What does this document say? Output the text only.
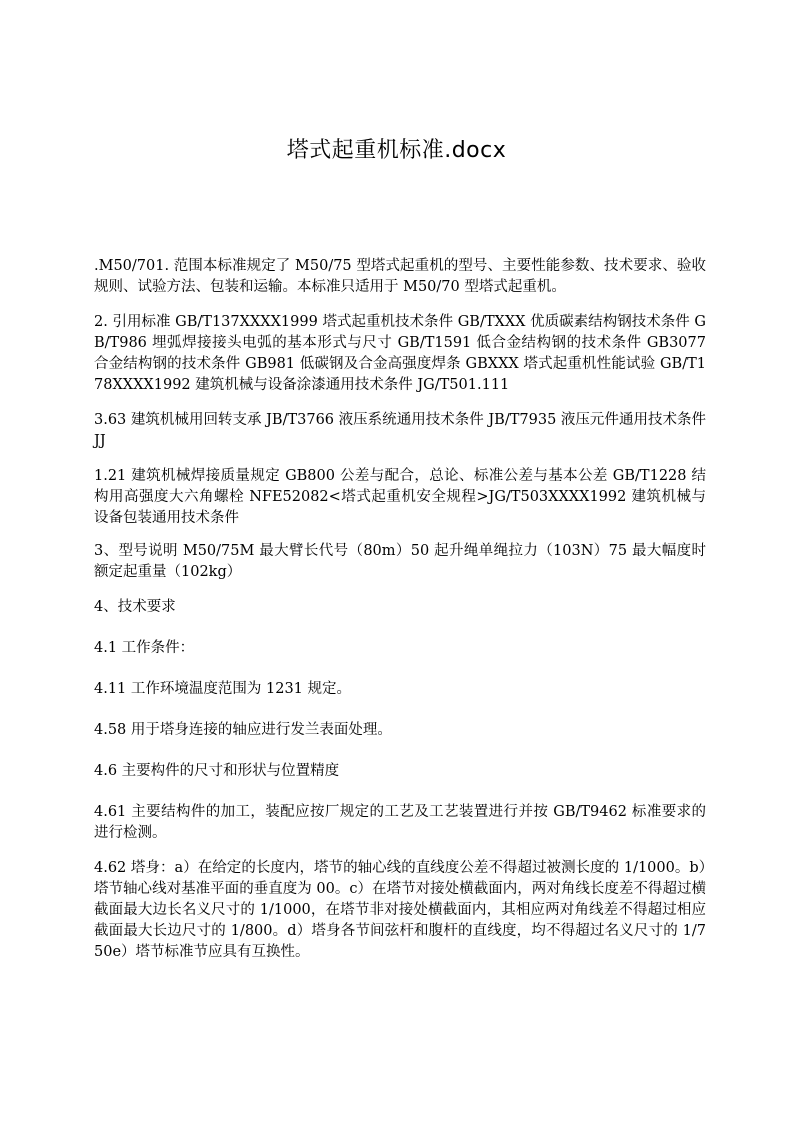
塔式起重机标准.docx

.M50/701. 范围本标准规定了 M50/75 型塔式起重机的型号、主要性能参数、技术要求、验收规则、试验方法、包装和运输。本标准只适用于 M50/70 型塔式起重机。

2. 引用标准 GB/T137XXXX1999 塔式起重机技术条件 GB/TXXX 优质碳素结构钢技术条件 GB/T986 埋弧焊接接头电弧的基本形式与尺寸 GB/T1591 低合金结构钢的技术条件 GB3077 合金结构钢的技术条件 GB981 低碳钢及合金高强度焊条 GBXXX 塔式起重机性能试验 GB/T178XXXX1992 建筑机械与设备涂漆通用技术条件 JG/T501.111

3.63 建筑机械用回转支承 JB/T3766 液压系统通用技术条件 JB/T7935 液压元件通用技术条件 JJ

1.21 建筑机械焊接质量规定 GB800 公差与配合，总论、标准公差与基本公差 GB/T1228 结构用高强度大六角螺栓 NFE52082<塔式起重机安全规程>JG/T503XXXX1992 建筑机械与设备包装通用技术条件

3、型号说明 M50/75M 最大臂长代号（80m）50 起升绳单绳拉力（103N）75 最大幅度时额定起重量（102kg）

4、技术要求

4.1 工作条件：

4.11 工作环境温度范围为 1231 规定。

4.58 用于塔身连接的轴应进行发兰表面处理。

4.6 主要构件的尺寸和形状与位置精度

4.61 主要结构件的加工，装配应按厂规定的工艺及工艺装置进行并按 GB/T9462 标准要求的进行检测。

4.62 塔身：a）在给定的长度内，塔节的轴心线的直线度公差不得超过被测长度的 1/1000。b）塔节轴心线对基准平面的垂直度为 00。c）在塔节对接处横截面内，两对角线长度差不得超过横截面最大边长名义尺寸的 1/1000，在塔节非对接处横截面内，其相应两对角线差不得超过相应截面最大长边尺寸的 1/800。d）塔身各节间弦杆和腹杆的直线度，均不得超过名义尺寸的 1/750e）塔节标准节应具有互换性。
